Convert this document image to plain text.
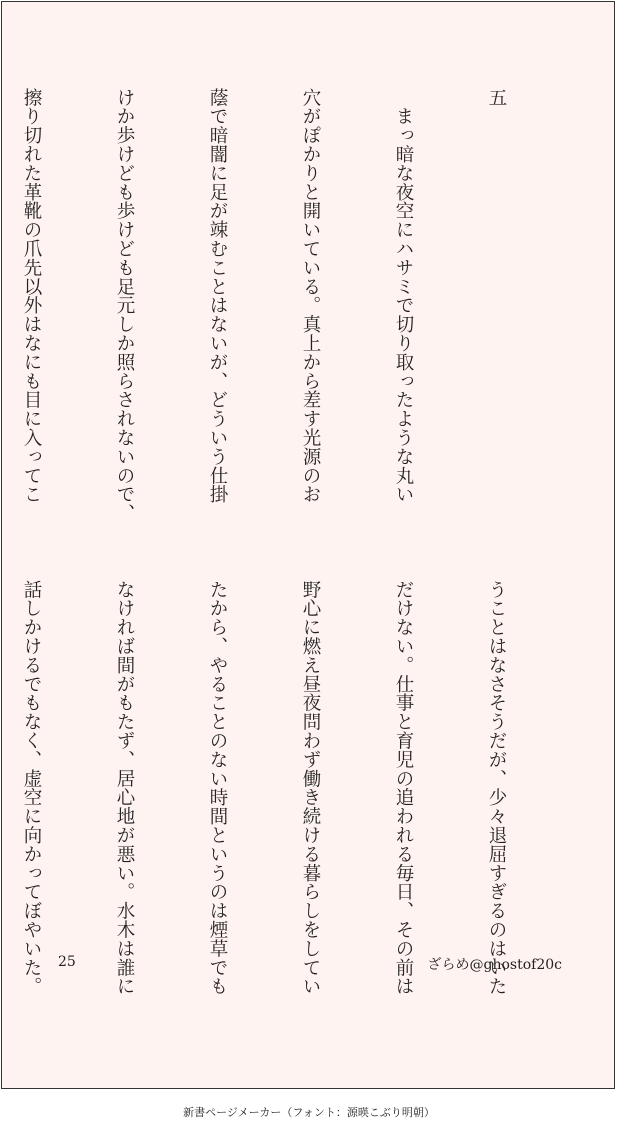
五

　まっ暗な夜空にハサミで切り取ったような丸い

穴がぽかりと開いている。真上から差す光源のお

蔭で暗闇に足が竦むことはないが、どういう仕掛

けか歩けども歩けども足元しか照らされないので、

擦り切れた革靴の爪先以外はなにも目に入ってこ

うことはなさそうだが、少々退屈すぎるのはいた

だけない。仕事と育児の追われる毎日、その前は

野心に燃え昼夜問わず働き続ける暮らしをしてい

たから、やることのない時間というのは煙草でも

なければ間がもたず、居心地が悪い。水木は誰に

話しかけるでもなく、虚空に向かってぼやいた。

	25	ざらめ@ghostof20c
新書ページメーカー（フォント：源暎こぶり明朝）
